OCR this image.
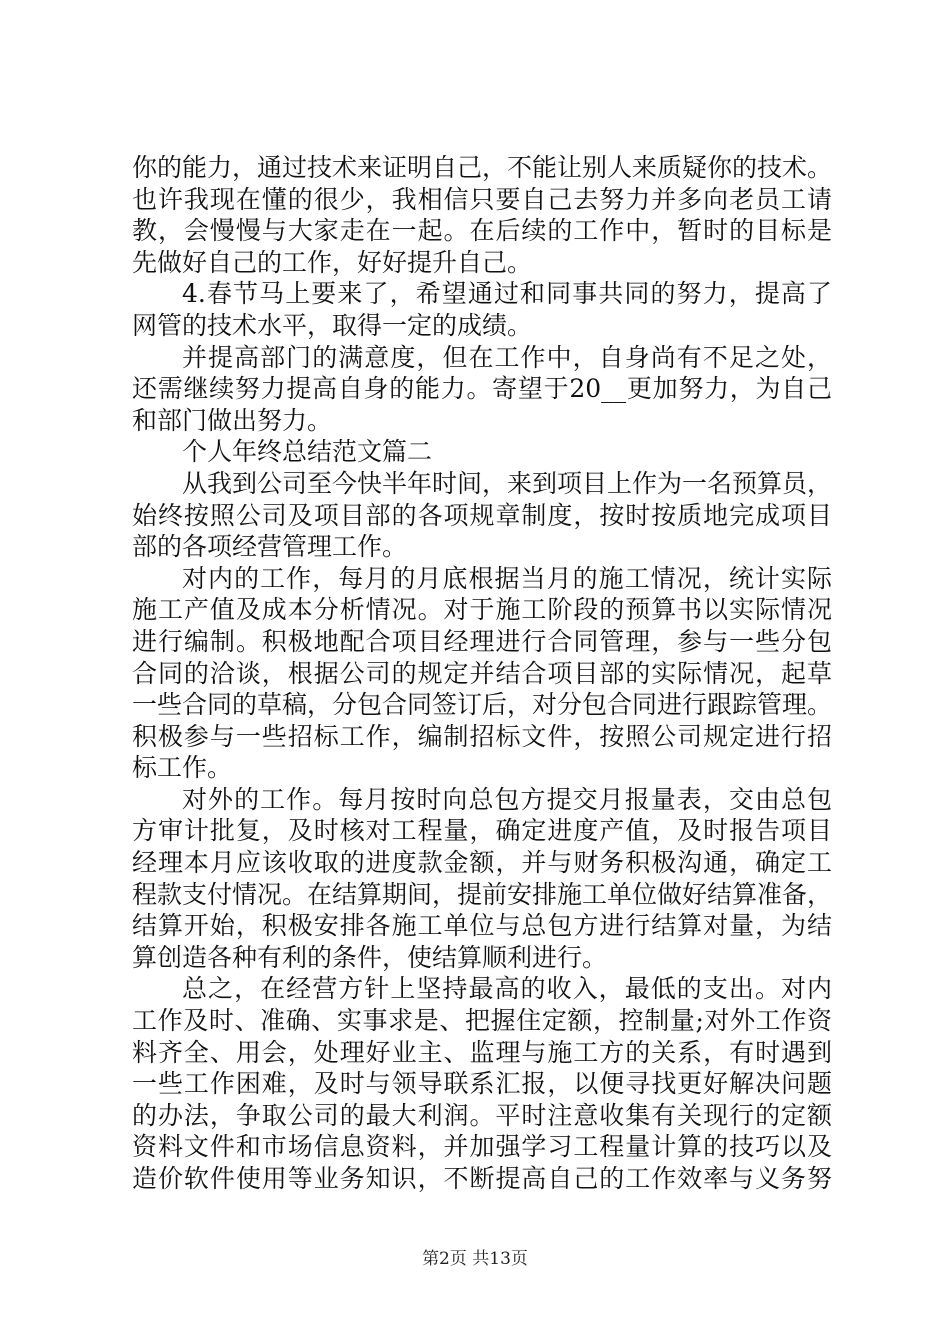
你的能力，通过技术来证明自己，不能让别人来质疑你的技术。
也许我现在懂的很少，我相信只要自己去努力并多向老员工请
教，会慢慢与大家走在一起。在后续的工作中，暂时的目标是
先做好自己的工作，好好提升自己。
4.春节马上要来了，希望通过和同事共同的努力，提高了
网管的技术水平，取得一定的成绩。
并提高部门的满意度，但在工作中，自身尚有不足之处，
还需继续努力提高自身的能力。寄望于20__更加努力，为自己
和部门做出努力。
个人年终总结范文篇二
从我到公司至今快半年时间，来到项目上作为一名预算员，
始终按照公司及项目部的各项规章制度，按时按质地完成项目
部的各项经营管理工作。
对内的工作，每月的月底根据当月的施工情况，统计实际
施工产值及成本分析情况。对于施工阶段的预算书以实际情况
进行编制。积极地配合项目经理进行合同管理，参与一些分包
合同的洽谈，根据公司的规定并结合项目部的实际情况，起草
一些合同的草稿，分包合同签订后，对分包合同进行跟踪管理。
积极参与一些招标工作，编制招标文件，按照公司规定进行招
标工作。
对外的工作。每月按时向总包方提交月报量表，交由总包
方审计批复，及时核对工程量，确定进度产值，及时报告项目
经理本月应该收取的进度款金额，并与财务积极沟通，确定工
程款支付情况。在结算期间，提前安排施工单位做好结算准备，
结算开始，积极安排各施工单位与总包方进行结算对量，为结
算创造各种有利的条件，使结算顺利进行。
总之，在经营方针上坚持最高的收入，最低的支出。对内
工作及时、准确、实事求是、把握住定额，控制量;对外工作资
料齐全、用会，处理好业主、监理与施工方的关系，有时遇到
一些工作困难，及时与领导联系汇报，以便寻找更好解决问题
的办法，争取公司的最大利润。平时注意收集有关现行的定额
资料文件和市场信息资料，并加强学习工程量计算的技巧以及
造价软件使用等业务知识，不断提高自己的工作效率与义务努
第2页 共13页
